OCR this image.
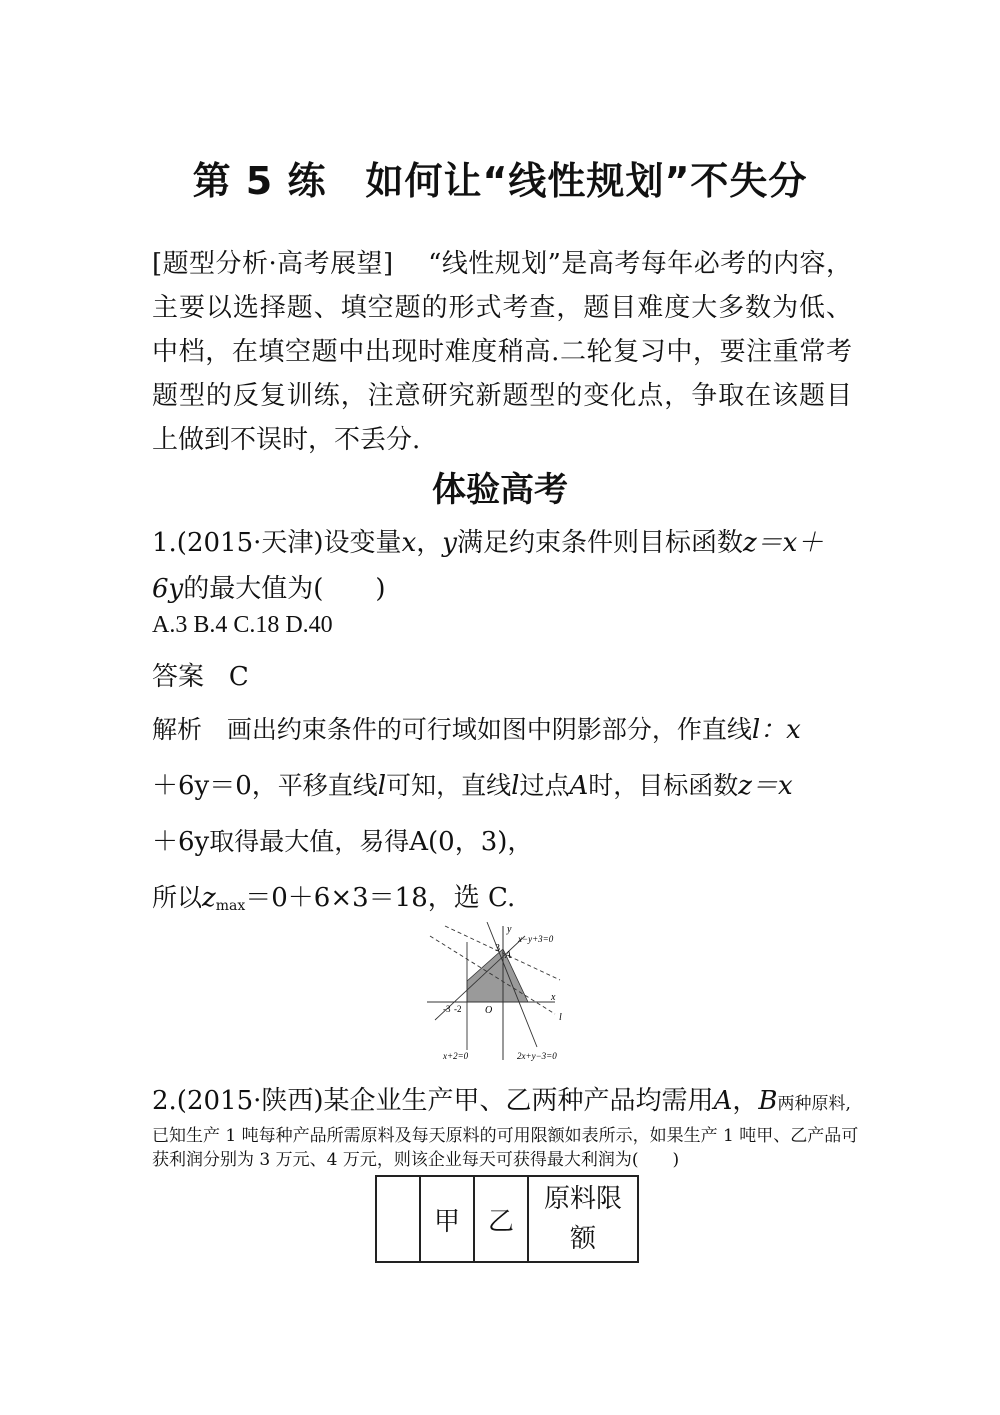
第 5 练　如何让“线性规划”不失分
[题型分析·高考展望] “线性规划”是高考每年必考的内容，主要以选择题、填空题的形式考查，题目难度大多数为低、中档，在填空题中出现时难度稍高.二轮复习中，要注重常考题型的反复训练，注意研究新题型的变化点，争取在该题目上做到不误时，不丢分.
体验高考
1.(2015·天津)设变量x，y满足约束条件则目标函数z＝x＋
6y的最大值为(　　)
A.3 B.4 C.18 D.40
答案 C
解析 画出约束条件的可行域如图中阴影部分，作直线l：x
＋6y＝0，平移直线l可知，直线l过点A时，目标函数z＝x
＋6y取得最大值，易得A(0，3)，
所以$z_{max}=0+6\times 3=18$，选 C.
y
x
3
A
x−y+3=0
-3 -2 O
l
x+2=0	2x+y−3=0
2.(2015·陕西)某企业生产甲、乙两种产品均需用A，B两种原料,
已知生产 1 吨每种产品所需原料及每天原料的可用限额如表所示，如果生产 1 吨甲、乙产品可获利润分别为 3 万元、4 万元，则该企业每天可获得最大利润为(　　)
	甲	乙	原料限额
